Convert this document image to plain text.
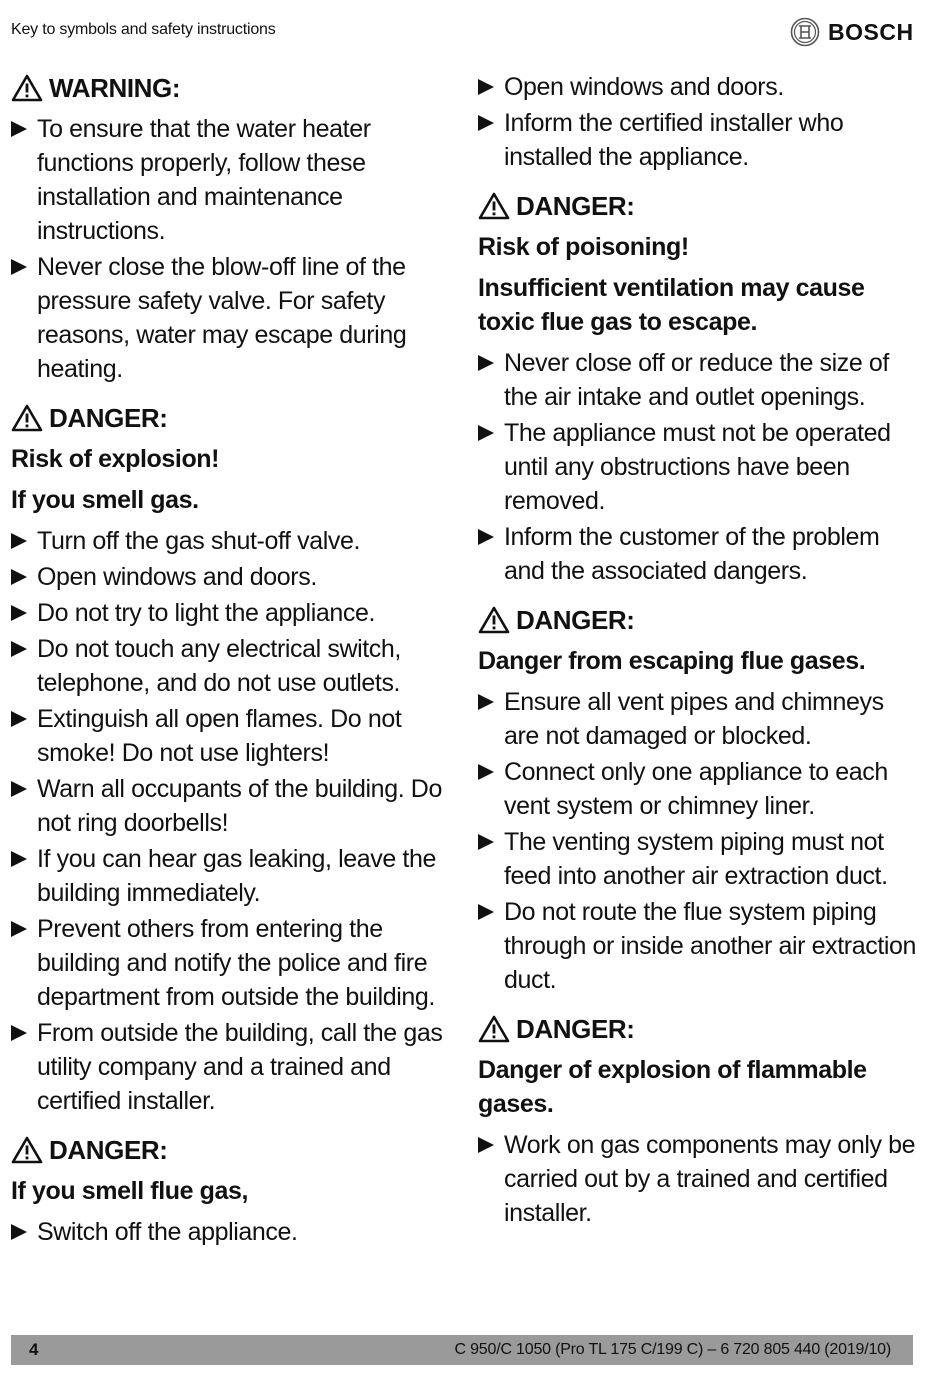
Key to symbols and safety instructions	BOSCH
WARNING:
To ensure that the water heater functions properly, follow these installation and maintenance instructions.
Never close the blow-off line of the pressure safety valve. For safety reasons, water may escape during heating.
DANGER:
Risk of explosion!
If you smell gas.
Turn off the gas shut-off valve.
Open windows and doors.
Do not try to light the appliance.
Do not touch any electrical switch, telephone, and do not use outlets.
Extinguish all open flames. Do not smoke! Do not use lighters!
Warn all occupants of the building. Do not ring doorbells!
If you can hear gas leaking, leave the building immediately.
Prevent others from entering the building and notify the police and fire department from outside the building.
From outside the building, call the gas utility company and a trained and certified installer.
DANGER:
If you smell flue gas,
Switch off the appliance.
Open windows and doors.
Inform the certified installer who installed the appliance.
DANGER:
Risk of poisoning!
Insufficient ventilation may cause toxic flue gas to escape.
Never close off or reduce the size of the air intake and outlet openings.
The appliance must not be operated until any obstructions have been removed.
Inform the customer of the problem and the associated dangers.
DANGER:
Danger from escaping flue gases.
Ensure all vent pipes and chimneys are not damaged or blocked.
Connect only one appliance to each vent system or chimney liner.
The venting system piping must not feed into another air extraction duct.
Do not route the flue system piping through or inside another air extraction duct.
DANGER:
Danger of explosion of flammable gases.
Work on gas components may only be carried out by a trained and certified installer.
4	C 950/C 1050 (Pro TL 175 C/199 C) – 6 720 805 440 (2019/10)
